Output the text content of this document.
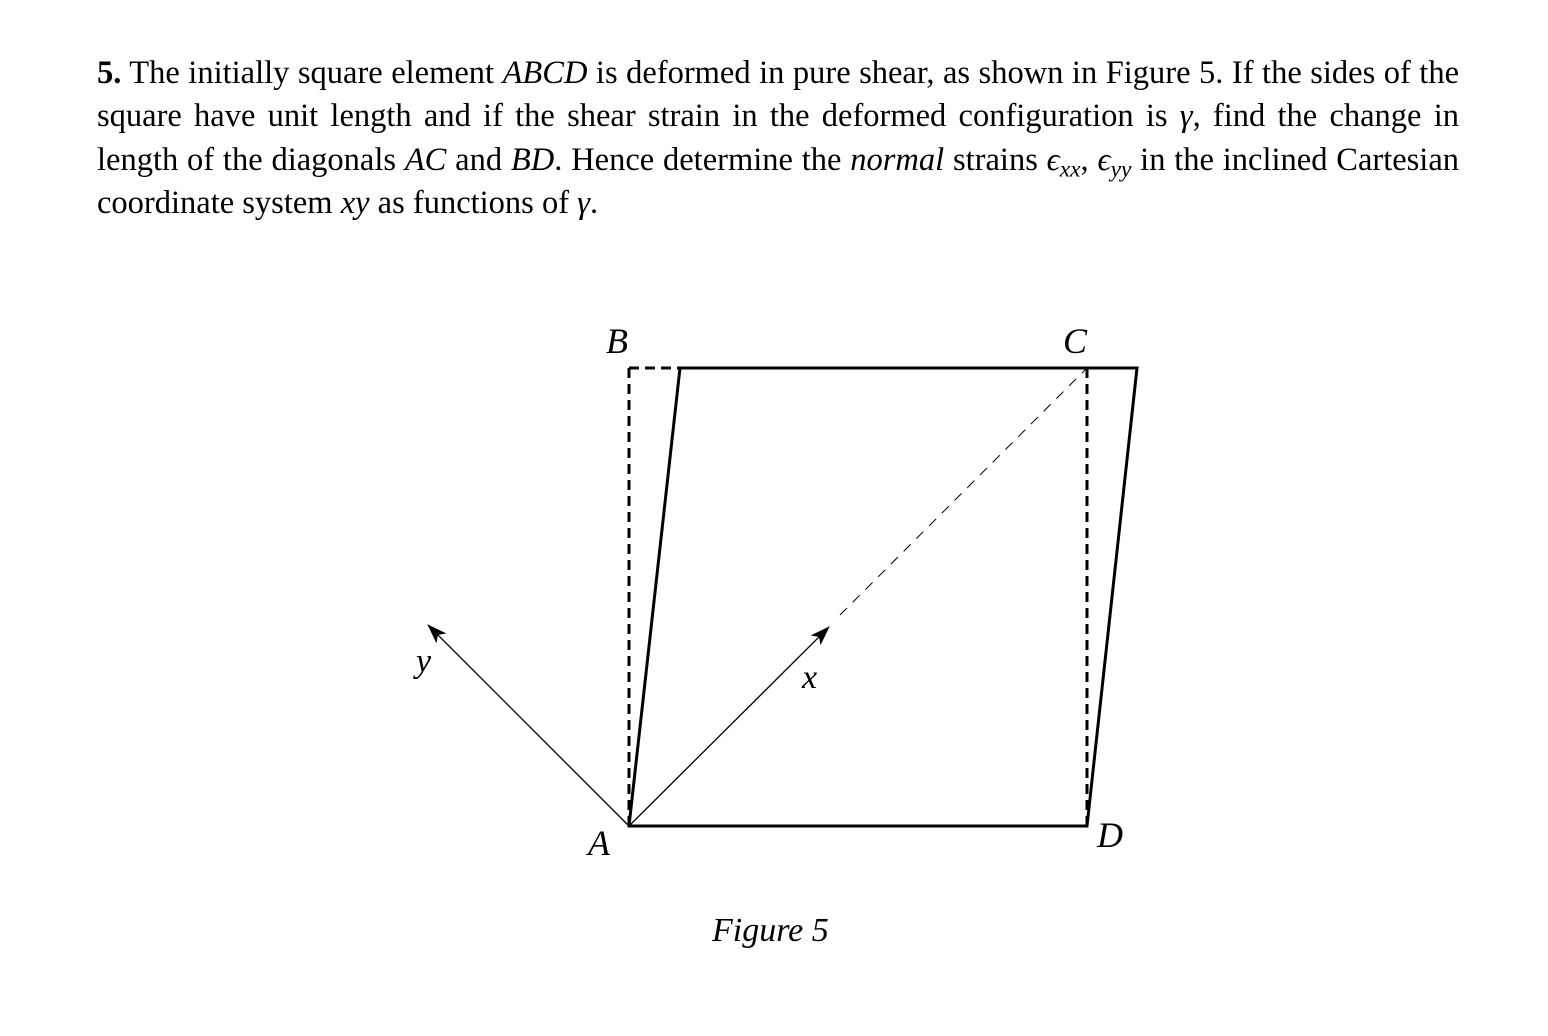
5. The initially square element ABCD is deformed in pure shear, as shown in Figure 5. If the sides of the square have unit length and if the shear strain in the deformed configuration is γ, find the change in length of the diagonals AC and BD. Hence determine the normal strains $\epsilon_{xx}$, $\epsilon_{yy}$ in the inclined Cartesian coordinate system xy as functions of γ.
B	C
A	D
x
y
Figure 5
